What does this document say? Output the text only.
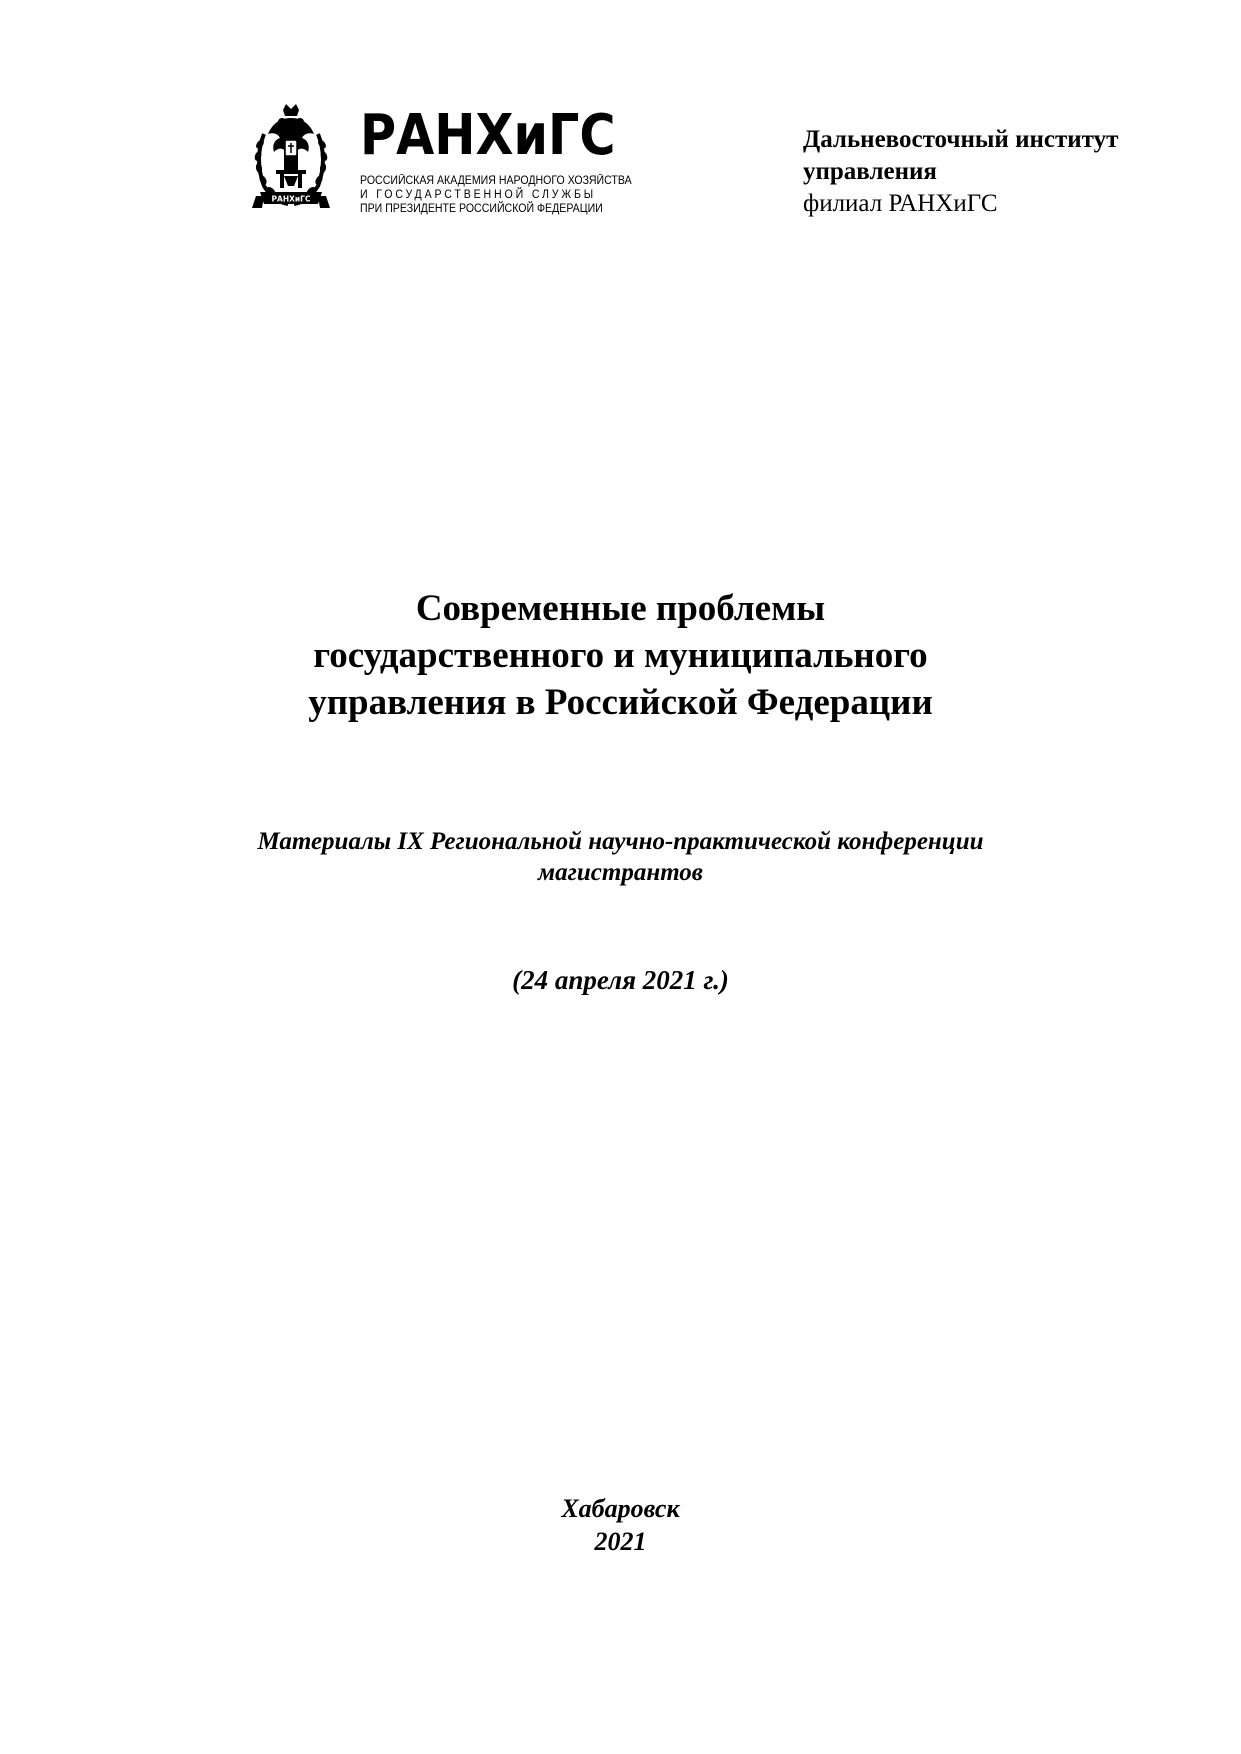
РАНХиГС
РАНХиГС
РОССИЙСКАЯ АКАДЕМИЯ НАРОДНОГО ХОЗЯЙСТВА
И ГОСУДАРСТВЕННОЙ СЛУЖБЫ
ПРИ ПРЕЗИДЕНТЕ РОССИЙСКОЙ ФЕДЕРАЦИИ
Дальневосточный институт
управления
филиал РАНХиГС
Современные проблемы
государственного и муниципального
управления в Российской Федерации
Материалы IX Региональной научно-практической конференции
магистрантов
(24 апреля 2021 г.)
Хабаровск
2021
